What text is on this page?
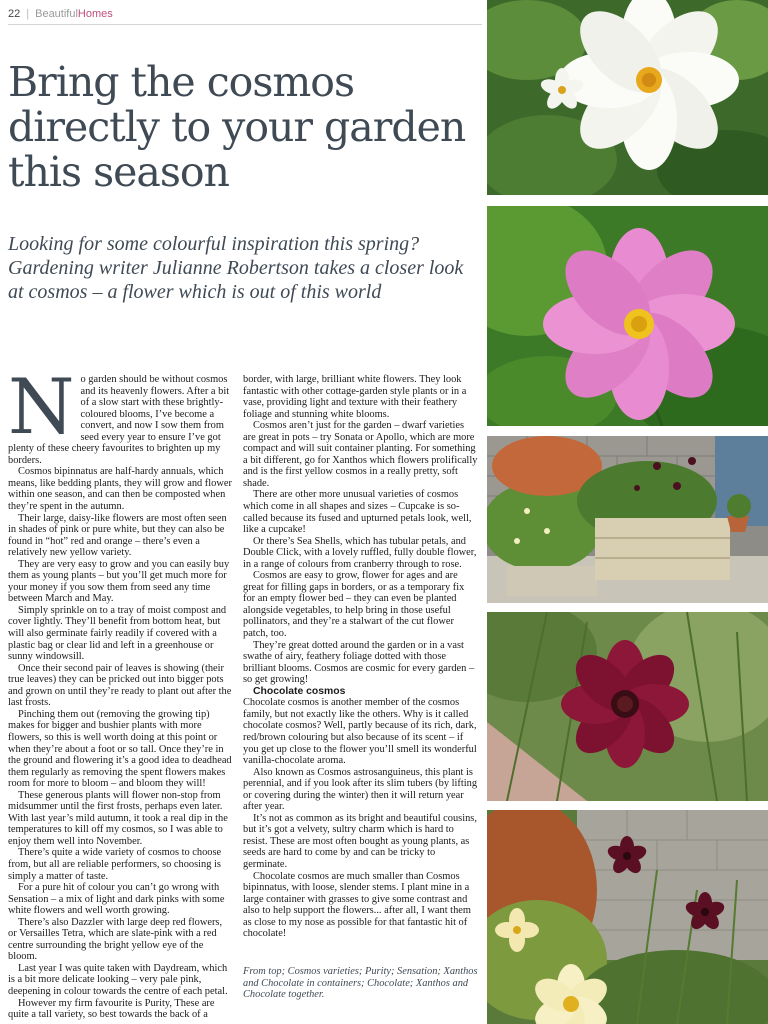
22 | BeautifulHomes
Bring the cosmos directly to your garden this season

Looking for some colourful inspiration this spring? Gardening writer Julianne Robertson takes a closer look at cosmos – a flower which is out of this world

No garden should be without cosmos and its heavenly flowers. After a bit of a slow start with these brightly-coloured blooms, I’ve become a convert, and now I sow them from seed every year to ensure I’ve got plenty of these cheery favourites to brighten up my borders.

Cosmos bipinnatus are half-hardy annuals, which means, like bedding plants, they will grow and flower within one season, and can then be composted when they’re spent in the autumn.

Their large, daisy-like flowers are most often seen in shades of pink or pure white, but they can also be found in “hot” red and orange – there’s even a relatively new yellow variety.

They are very easy to grow and you can easily buy them as young plants – but you’ll get much more for your money if you sow them from seed any time between March and May.

Simply sprinkle on to a tray of moist compost and cover lightly. They’ll benefit from bottom heat, but will also germinate fairly readily if covered with a plastic bag or clear lid and left in a greenhouse or sunny windowsill.

Once their second pair of leaves is showing (their true leaves) they can be pricked out into bigger pots and grown on until they’re ready to plant out after the last frosts.

Pinching them out (removing the growing tip) makes for bigger and bushier plants with more flowers, so this is well worth doing at this point or when they’re about a foot or so tall. Once they’re in the ground and flowering it’s a good idea to deadhead them regularly as removing the spent flowers makes room for more to bloom – and bloom they will!

These generous plants will flower non-stop from midsummer until the first frosts, perhaps even later. With last year’s mild autumn, it took a real dip in the temperatures to kill off my cosmos, so I was able to enjoy them well into November.

There’s quite a wide variety of cosmos to choose from, but all are reliable performers, so choosing is simply a matter of taste.

For a pure hit of colour you can’t go wrong with Sensation – a mix of light and dark pinks with some white flowers and well worth growing.

There’s also Dazzler with large deep red flowers, or Versailles Tetra, which are slate-pink with a red centre surrounding the bright yellow eye of the bloom.

Last year I was quite taken with Daydream, which is a bit more delicate looking – very pale pink, deepening in colour towards the centre of each petal.

However my firm favourite is Purity, These are quite a tall variety, so best towards the back of a

border, with large, brilliant white flowers. They look fantastic with other cottage-garden style plants or in a vase, providing light and texture with their feathery foliage and stunning white blooms.

Cosmos aren’t just for the garden – dwarf varieties are great in pots – try Sonata or Apollo, which are more compact and will suit container planting. For something a bit different, go for Xanthos which flowers prolifically and is the first yellow cosmos in a really pretty, soft shade.

There are other more unusual varieties of cosmos which come in all shapes and sizes – Cupcake is so-called because its fused and upturned petals look, well, like a cupcake!

Or there’s Sea Shells, which has tubular petals, and Double Click, with a lovely ruffled, fully double flower, in a range of colours from cranberry through to rose.

Cosmos are easy to grow, flower for ages and are great for filling gaps in borders, or as a temporary fix for an empty flower bed – they can even be planted alongside vegetables, to help bring in those useful pollinators, and they’re a stalwart of the cut flower patch, too.

They’re great dotted around the garden or in a vast swathe of airy, feathery foliage dotted with those brilliant blooms. Cosmos are cosmic for every garden – so get growing!

Chocolate cosmos

Chocolate cosmos is another member of the cosmos family, but not exactly like the others. Why is it called chocolate cosmos? Well, partly because of its rich, dark, red/brown colouring but also because of its scent – if you get up close to the flower you’ll smell its wonderful vanilla-chocolate aroma.

Also known as Cosmos astrosanguineus, this plant is perennial, and if you look after its slim tubers (by lifting or covering during the winter) then it will return year after year.

It’s not as common as its bright and beautiful cousins, but it’s got a velvety, sultry charm which is hard to resist. These are most often bought as young plants, as seeds are hard to come by and can be tricky to germinate.

Chocolate cosmos are much smaller than Cosmos bipinnatus, with loose, slender stems. I plant mine in a large container with grasses to give some contrast and also to help support the flowers... after all, I want them as close to my nose as possible for that fantastic hit of chocolate!

From top; Cosmos varieties; Purity; Sensation; Xanthos and Chocolate in containers; Chocolate; Xanthos and Chocolate together.
